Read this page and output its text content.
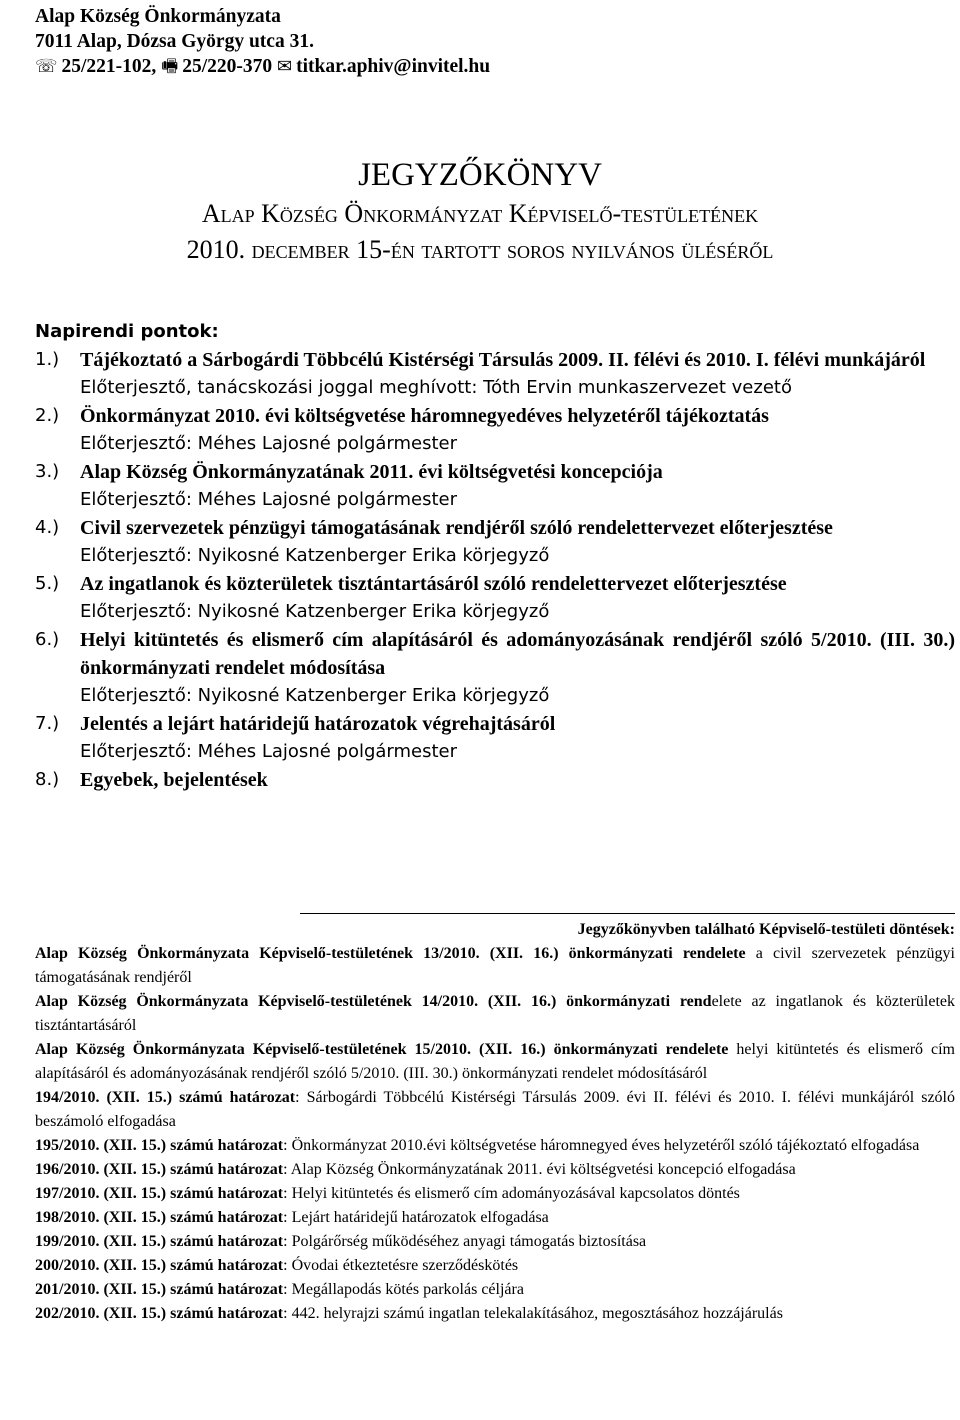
Alap Község Önkormányzata
7011 Alap, Dózsa György utca 31.
☏ 25/221-102, 🖷 25/220-370 ✉ titkar.aphiv@invitel.hu
JEGYZŐKÖNYV
Alap Község Önkormányzat Képviselő-testületének
2010. december 15-én tartott soros nyilvános üléséről
Napirendi pontok:
1.)	Tájékoztató a Sárbogárdi Többcélú Kistérségi Társulás 2009. II. félévi és 2010. I. félévi munkájáról
Előterjesztő, tanácskozási joggal meghívott: Tóth Ervin munkaszervezet vezető
2.)	Önkormányzat 2010. évi költségvetése háromnegyedéves helyzetéről tájékoztatás
Előterjesztő: Méhes Lajosné polgármester
3.)	Alap Község Önkormányzatának 2011. évi költségvetési koncepciója
Előterjesztő: Méhes Lajosné polgármester
4.)	Civil szervezetek pénzügyi támogatásának rendjéről szóló rendelettervezet előterjesztése
Előterjesztő: Nyikosné Katzenberger Erika körjegyző
5.)	Az ingatlanok és közterületek tisztántartásáról szóló rendelettervezet előterjesztése
Előterjesztő: Nyikosné Katzenberger Erika körjegyző
6.)	Helyi kitüntetés és elismerő cím alapításáról és adományozásának rendjéről szóló 5/2010. (III. 30.) önkormányzati rendelet módosítása
Előterjesztő: Nyikosné Katzenberger Erika körjegyző
7.)	Jelentés a lejárt határidejű határozatok végrehajtásáról
Előterjesztő: Méhes Lajosné polgármester
8.)	Egyebek, bejelentések
Jegyzőkönyvben található Képviselő-testületi döntések:

Alap Község Önkormányzata Képviselő-testületének 13/2010. (XII. 16.) önkormányzati rendelete a civil szervezetek pénzügyi támogatásának rendjéről

Alap Község Önkormányzata Képviselő-testületének 14/2010. (XII. 16.) önkormányzati rendelete az ingatlanok és közterületek tisztántartásáról

Alap Község Önkormányzata Képviselő-testületének 15/2010. (XII. 16.) önkormányzati rendelete helyi kitüntetés és elismerő cím alapításáról és adományozásának rendjéről szóló 5/2010. (III. 30.) önkormányzati rendelet módosításáról

194/2010. (XII. 15.) számú határozat: Sárbogárdi Többcélú Kistérségi Társulás 2009. évi II. félévi és 2010. I. félévi munkájáról szóló beszámoló elfogadása

195/2010. (XII. 15.) számú határozat: Önkormányzat 2010.évi költségvetése háromnegyed éves helyzetéről szóló tájékoztató elfogadása

196/2010. (XII. 15.) számú határozat: Alap Község Önkormányzatának 2011. évi költségvetési koncepció elfogadása

197/2010. (XII. 15.) számú határozat: Helyi kitüntetés és elismerő cím adományozásával kapcsolatos döntés

198/2010. (XII. 15.) számú határozat: Lejárt határidejű határozatok elfogadása

199/2010. (XII. 15.) számú határozat: Polgárőrség működéséhez anyagi támogatás biztosítása

200/2010. (XII. 15.) számú határozat: Óvodai étkeztetésre szerződéskötés

201/2010. (XII. 15.) számú határozat: Megállapodás kötés parkolás céljára

202/2010. (XII. 15.) számú határozat: 442. helyrajzi számú ingatlan telekalakításához, megosztásához hozzájárulás
